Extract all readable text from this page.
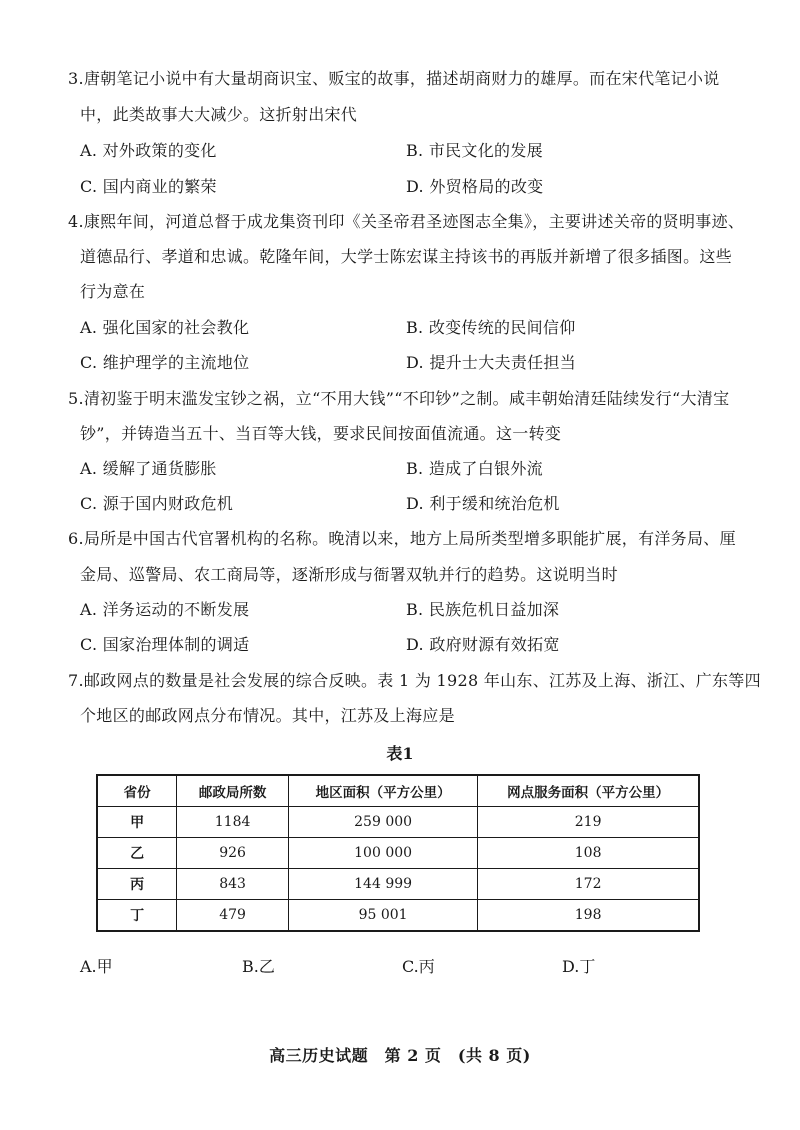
3.唐朝笔记小说中有大量胡商识宝、贩宝的故事，描述胡商财力的雄厚。而在宋代笔记小说
中，此类故事大大减少。这折射出宋代
A. 对外政策的变化	B. 市民文化的发展
C. 国内商业的繁荣	D. 外贸格局的改变
4.康熙年间，河道总督于成龙集资刊印《关圣帝君圣迹图志全集》，主要讲述关帝的贤明事迹、
道德品行、孝道和忠诚。乾隆年间，大学士陈宏谋主持该书的再版并新增了很多插图。这些
行为意在
A. 强化国家的社会教化	B. 改变传统的民间信仰
C. 维护理学的主流地位	D. 提升士大夫责任担当
5.清初鉴于明末滥发宝钞之祸，立“不用大钱”“不印钞”之制。咸丰朝始清廷陆续发行“大清宝
钞”，并铸造当五十、当百等大钱，要求民间按面值流通。这一转变
A. 缓解了通货膨胀	B. 造成了白银外流
C. 源于国内财政危机	D. 利于缓和统治危机
6.局所是中国古代官署机构的名称。晚清以来，地方上局所类型增多职能扩展，有洋务局、厘
金局、巡警局、农工商局等，逐渐形成与衙署双轨并行的趋势。这说明当时
A. 洋务运动的不断发展	B. 民族危机日益加深
C. 国家治理体制的调适	D. 政府财源有效拓宽
7.邮政网点的数量是社会发展的综合反映。表 1 为 1928 年山东、江苏及上海、浙江、广东等四
个地区的邮政网点分布情况。其中，江苏及上海应是
表1
省份	邮政局所数	地区面积（平方公里）	网点服务面积（平方公里）
甲	1184	259 000	219
乙	926	100 000	108
丙	843	144 999	172
丁	479	95 001	198
A.甲	B.乙	C.丙	D.丁
高三历史试题　第 2 页　(共 8 页)
